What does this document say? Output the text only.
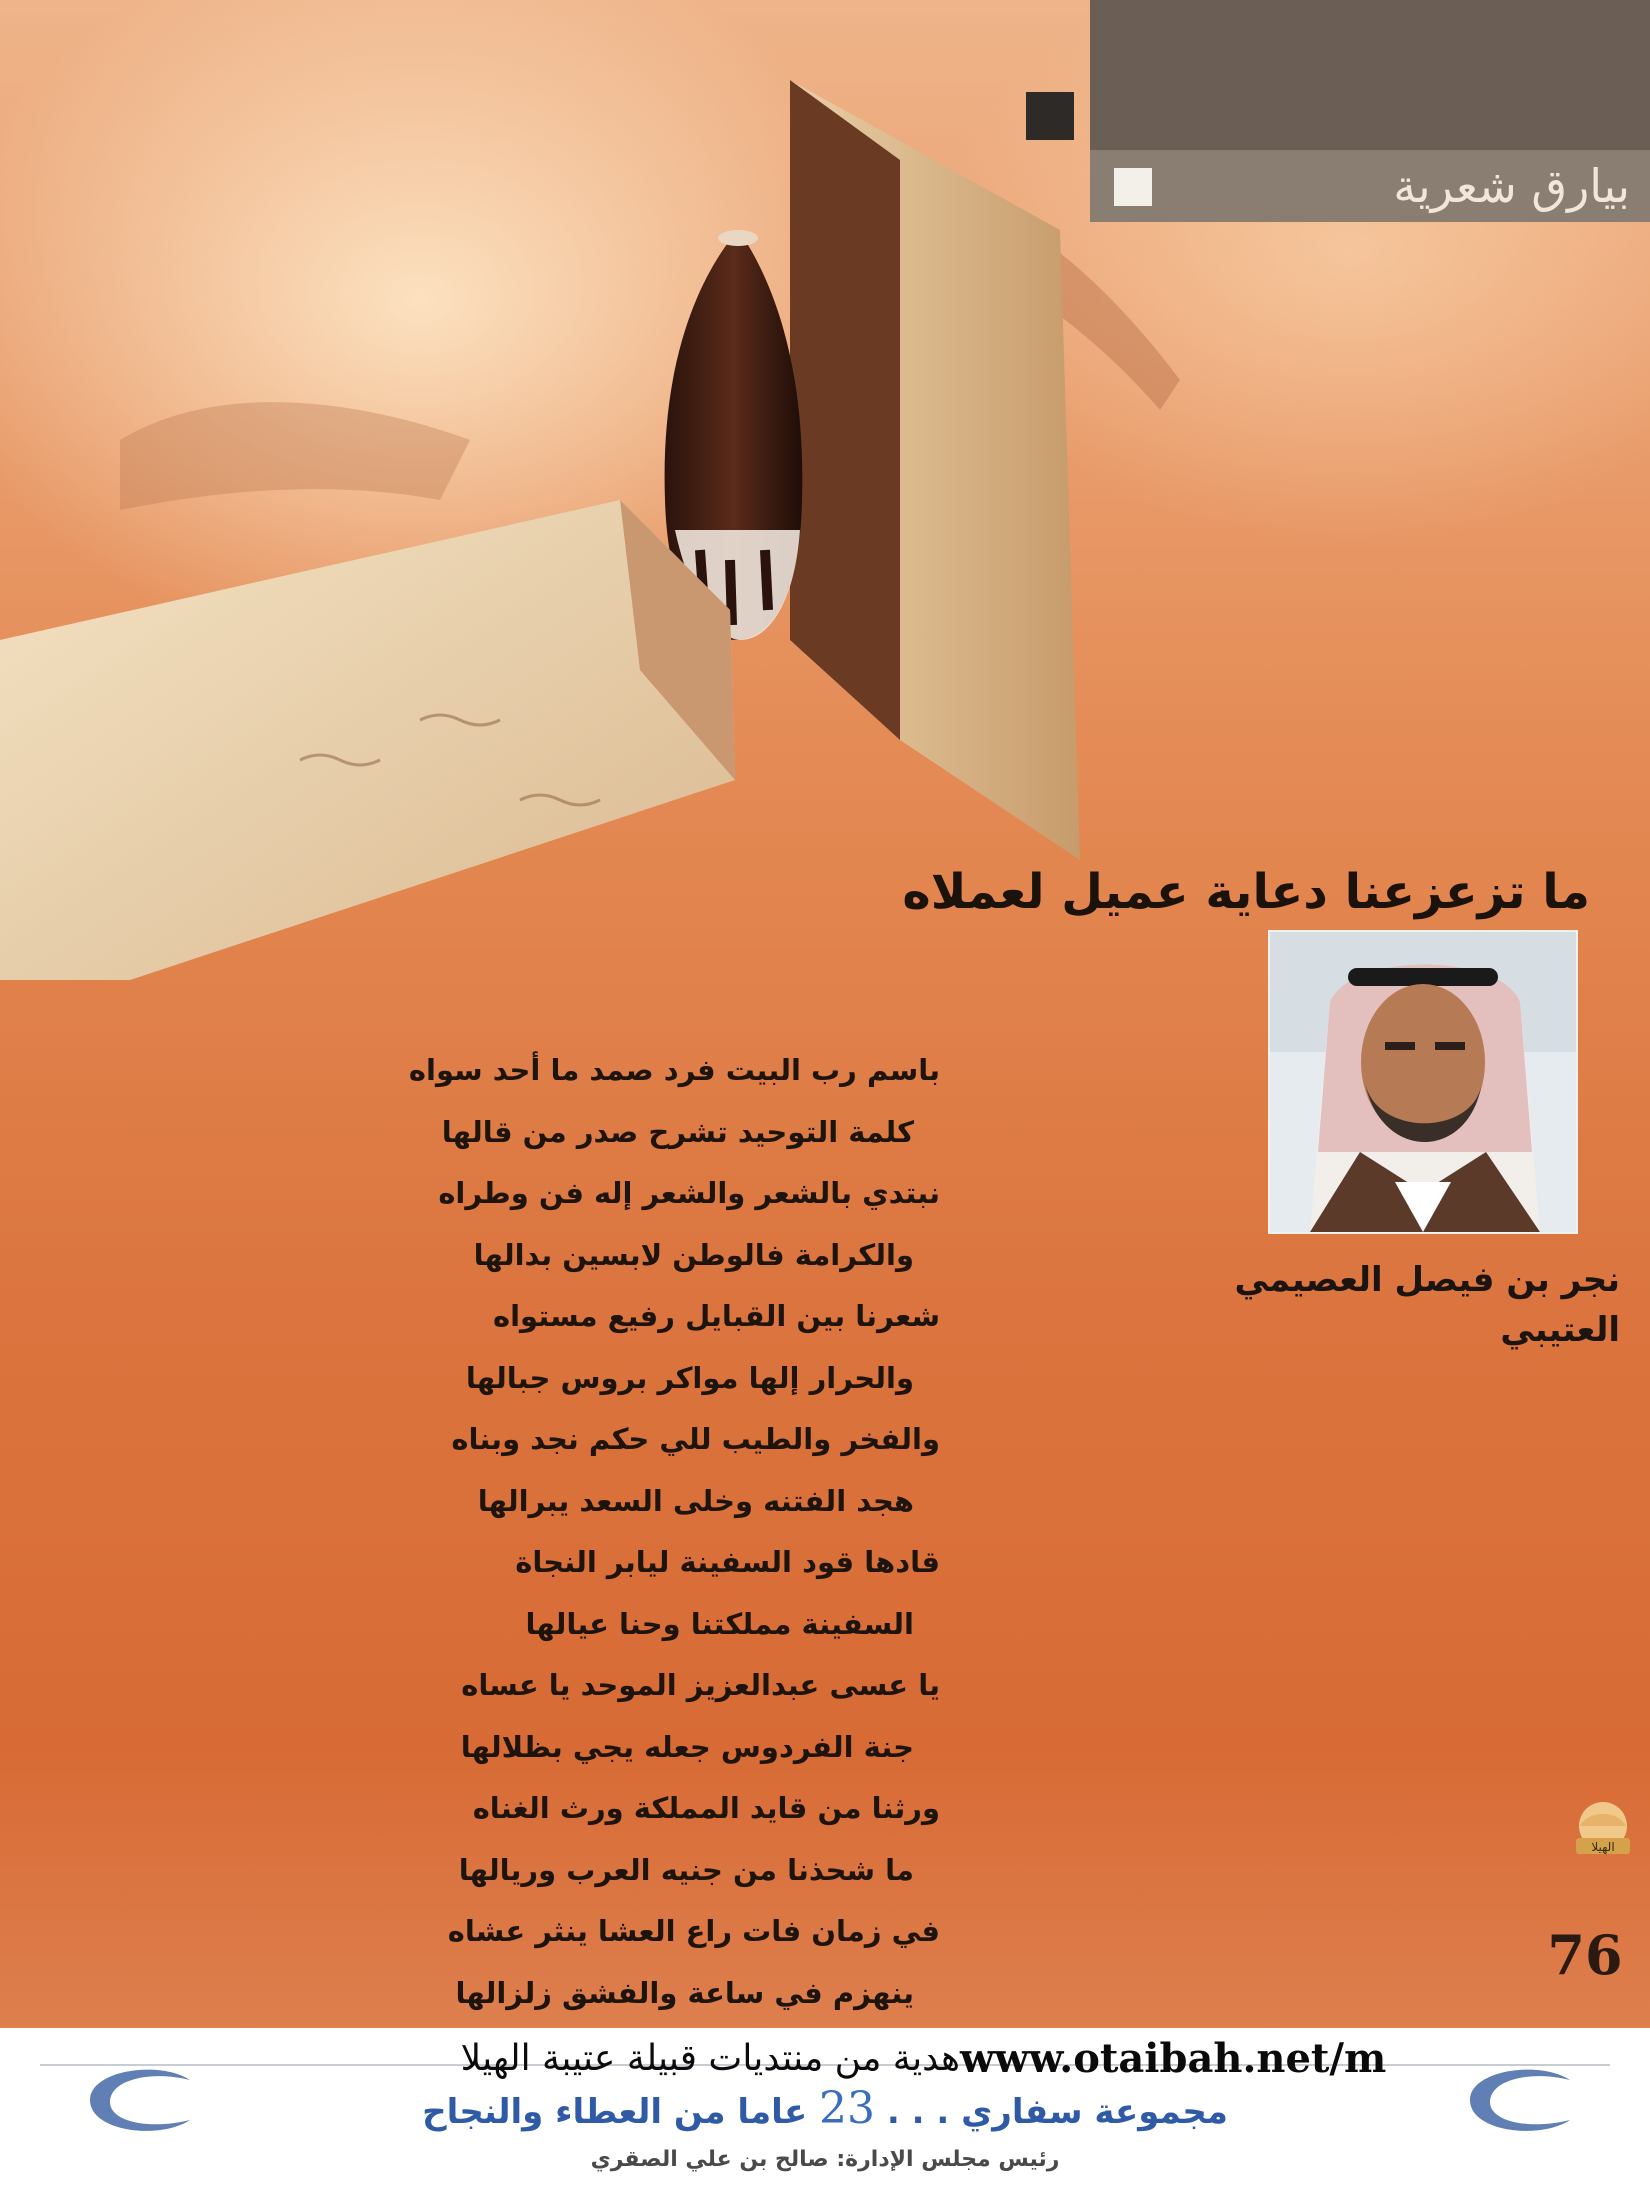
بيارق شعرية
ما تزعزعنا دعاية عميل لعملاه
نجر بن فيصل العصيمي العتيبي
باسم رب البيت فرد صمد ما أحد سواه
كلمة التوحيد تشرح صدر من قالها
نبتدي بالشعر والشعر إله فن وطراه
والكرامة فالوطن لابسين بدالها
شعرنا بين القبايل رفيع مستواه
والحرار إلها مواكر بروس جبالها
والفخر والطيب للي حكم نجد وبناه
هجد الفتنه وخلى السعد يبرالها
قادها قود السفينة ليابر النجاة
السفينة مملكتنا وحنا عيالها
يا عسى عبدالعزيز الموحد يا عساه
جنة الفردوس جعله يجي بظلالها
ورثنا من قايد المملكة ورث الغناه
ما شحذنا من جنيه العرب وريالها
في زمان فات راع العشا ينثر عشاه
ينهزم في ساعة والفشق زلزالها
الهيلا
76
هدية من منتديات قبيلة عتيبة الهيلا www.otaibah.net/m
مجموعة سفاري . . . 23 عاما من العطاء والنجاح
رئيس مجلس الإدارة: صالح بن علي الصقري
